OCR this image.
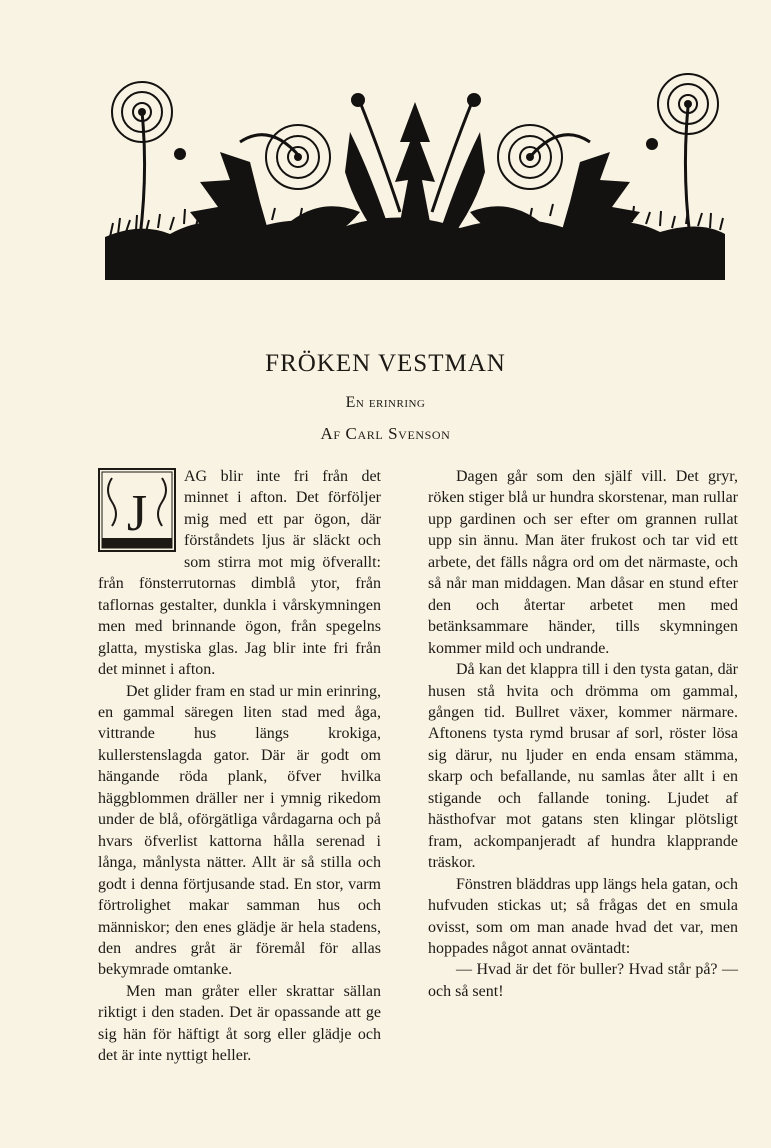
FRÖKEN VESTMAN
En erinring
Af Carl Svenson
J

AG blir inte fri från det minnet i afton. Det förföljer mig med ett par ögon, där förståndets ljus är släckt och som stirra mot mig öfverallt: från fönsterrutornas dimblå ytor, från taflornas gestalter, dunkla i vårskymningen men med brinnande ögon, från spegelns glatta, mystiska glas. Jag blir inte fri från det minnet i afton.

Det glider fram en stad ur min erinring, en gammal säregen liten stad med åga, vittrande hus längs krokiga, kullerstenslagda gator. Där är godt om hängande röda plank, öfver hvilka häggblommen dräller ner i ymnig rikedom under de blå, oförgätliga vårdagarna och på hvars öfverlist kattorna hålla serenad i långa, månlysta nätter. Allt är så stilla och godt i denna förtjusande stad. En stor, varm förtrolighet makar samman hus och människor; den enes glädje är hela stadens, den andres gråt är föremål för allas bekymrade omtanke.

Men man gråter eller skrattar sällan riktigt i den staden. Det är opassande att ge sig hän för häftigt åt sorg eller glädje och det är inte nyttigt heller.

Dagen går som den själf vill. Det gryr, röken stiger blå ur hundra skorstenar, man rullar upp gardinen och ser efter om grannen rullat upp sin ännu. Man äter frukost och tar vid ett arbete, det fälls några ord om det närmaste, och så når man middagen. Man dåsar en stund efter den och återtar arbetet men med betänksammare händer, tills skymningen kommer mild och undrande.

Då kan det klappra till i den tysta gatan, där husen stå hvita och drömma om gammal, gången tid. Bullret växer, kommer närmare. Aftonens tysta rymd brusar af sorl, röster lösa sig därur, nu ljuder en enda ensam stämma, skarp och befallande, nu samlas åter allt i en stigande och fallande toning. Ljudet af hästhofvar mot gatans sten klingar plötsligt fram, ackompanjeradt af hundra klapprande träskor.

Fönstren bläddras upp längs hela gatan, och hufvuden stickas ut; så frågas det en smula ovisst, som om man anade hvad det var, men hoppades något annat oväntadt:

— Hvad är det för buller? Hvad står på? — och så sent!
